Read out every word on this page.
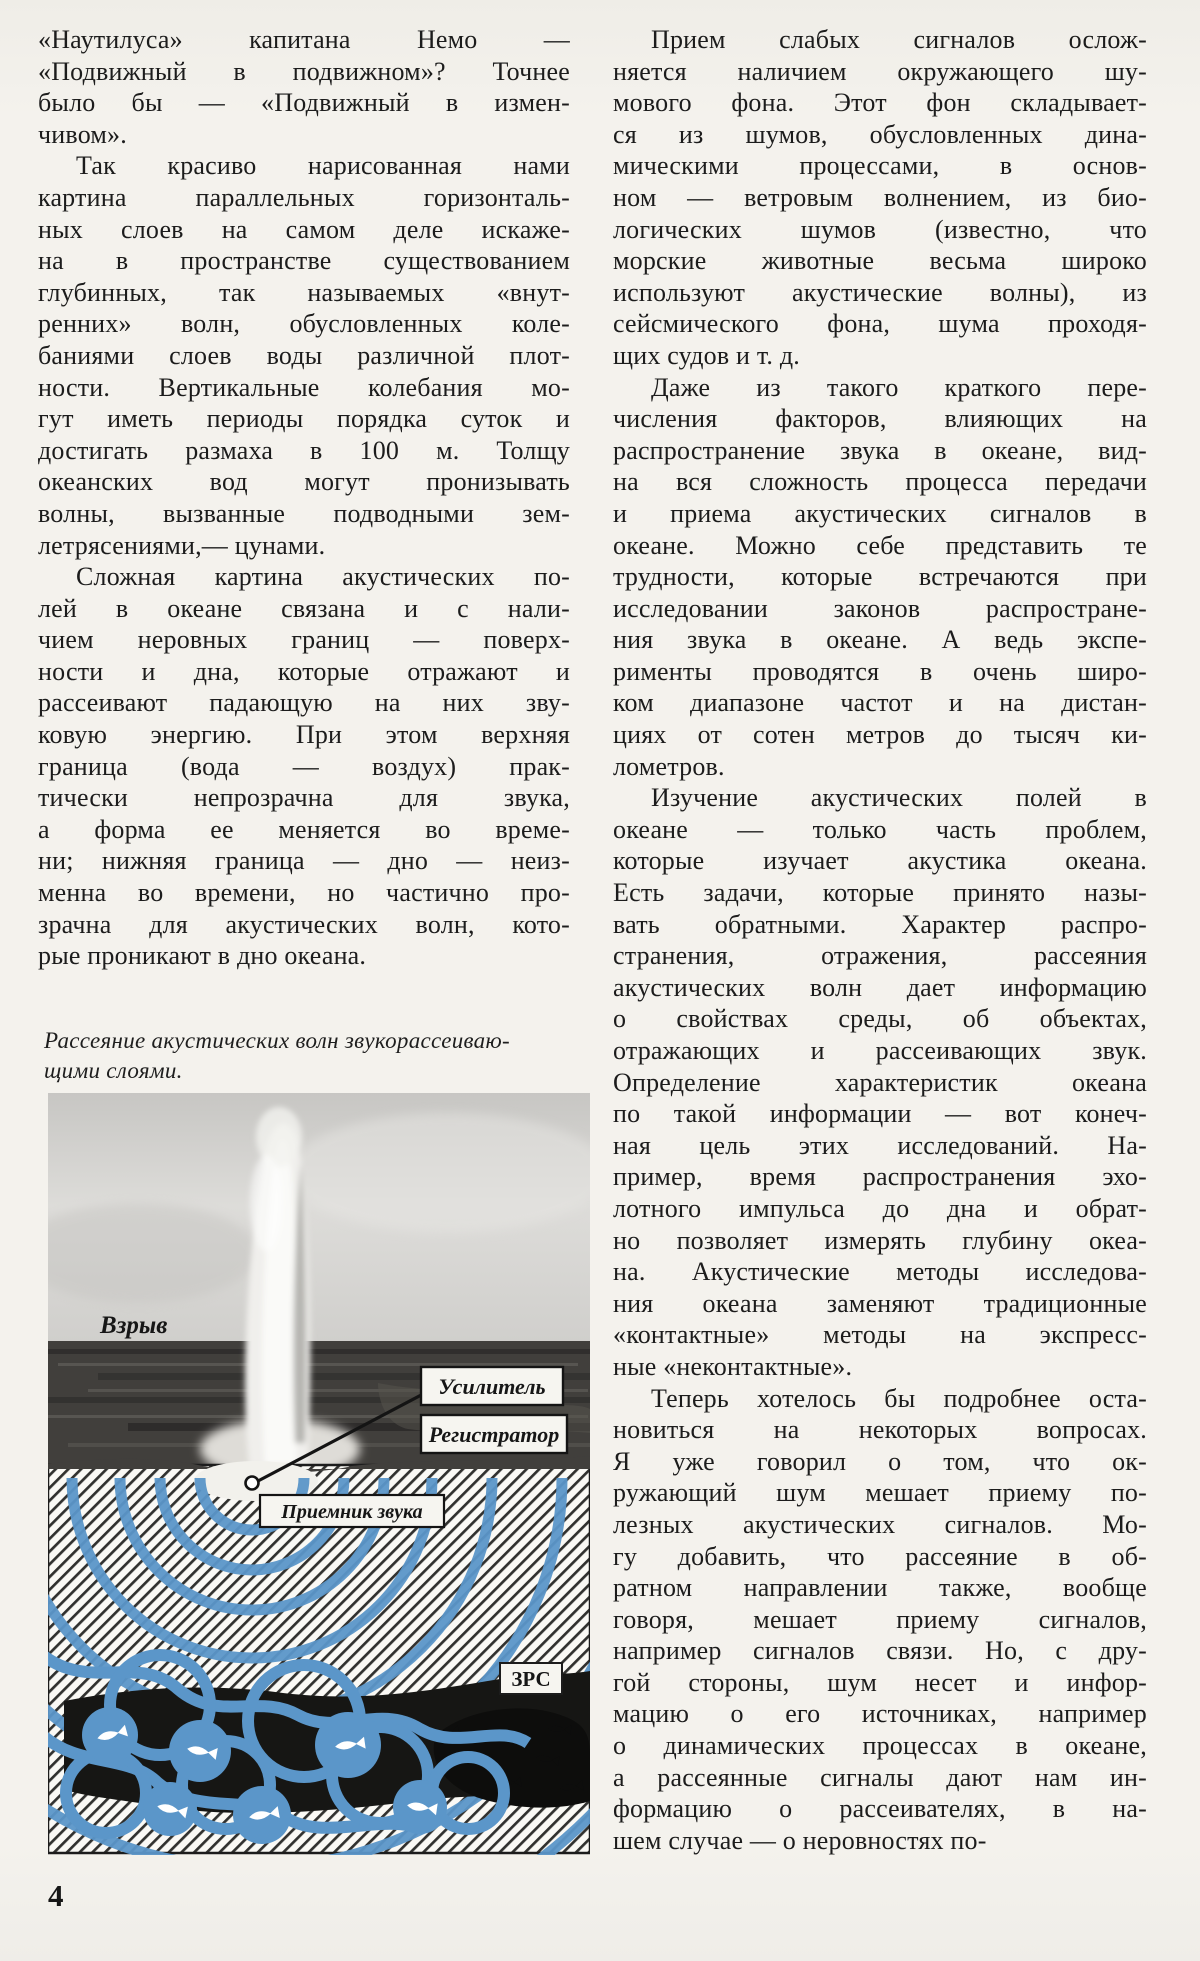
«Наутилуса» капитана Немо —
«Подвижный в подвижном»? Точнее
было бы — «Подвижный в измен-
чивом».
Так красиво нарисованная нами
картина параллельных горизонталь-
ных слоев на самом деле искаже-
на в пространстве существованием
глубинных, так называемых «внут-
ренних» волн, обусловленных коле-
баниями слоев воды различной плот-
ности. Вертикальные колебания мо-
гут иметь периоды порядка суток и
достигать размаха в 100 м. Толщу
океанских вод могут пронизывать
волны, вызванные подводными зем-
летрясениями,— цунами.
Сложная картина акустических по-
лей в океане связана и с нали-
чием неровных границ — поверх-
ности и дна, которые отражают и
рассеивают падающую на них зву-
ковую энергию. При этом верхняя
граница (вода — воздух) прак-
тически непрозрачна для звука,
а форма ее меняется во време-
ни; нижняя граница — дно — неиз-
менна во времени, но частично про-
зрачна для акустических волн, кото-
рые проникают в дно океана.
Прием слабых сигналов ослож-
няется наличием окружающего шу-
мового фона. Этот фон складывает-
ся из шумов, обусловленных дина-
мическими процессами, в основ-
ном — ветровым волнением, из био-
логических шумов (известно, что
морские животные весьма широко
используют акустические волны), из
сейсмического фона, шума проходя-
щих судов и т. д.
Даже из такого краткого пере-
числения факторов, влияющих на
распространение звука в океане, вид-
на вся сложность процесса передачи
и приема акустических сигналов в
океане. Можно себе представить те
трудности, которые встречаются при
исследовании законов распростране-
ния звука в океане. А ведь экспе-
рименты проводятся в очень широ-
ком диапазоне частот и на дистан-
циях от сотен метров до тысяч ки-
лометров.
Изучение акустических полей в
океане — только часть проблем,
которые изучает акустика океана.
Есть задачи, которые принято назы-
вать обратными. Характер распро-
странения, отражения, рассеяния
акустических волн дает информацию
о свойствах среды, об объектах,
отражающих и рассеивающих звук.
Определение характеристик океана
по такой информации — вот конеч-
ная цель этих исследований. На-
пример, время распространения эхо-
лотного импульса до дна и обрат-
но позволяет измерять глубину океа-
на. Акустические методы исследова-
ния океана заменяют традиционные
«контактные» методы на экспресс-
ные «неконтактные».
Теперь хотелось бы подробнее оста-
новиться на некоторых вопросах.
Я уже говорил о том, что ок-
ружающий шум мешает приему по-
лезных акустических сигналов. Мо-
гу добавить, что рассеяние в об-
ратном направлении также, вообще
говоря, мешает приему сигналов,
например сигналов связи. Но, с дру-
гой стороны, шум несет и инфор-
мацию о его источниках, например
о динамических процессах в океане,
а рассеянные сигналы дают нам ин-
формацию о рассеивателях, в на-
шем случае — о неровностях по-
Рассеяние акустических волн звукорассеиваю-
щими слоями.
Взрыв
Усилитель
Регистратор
Приемник звука
ЗРС
4
